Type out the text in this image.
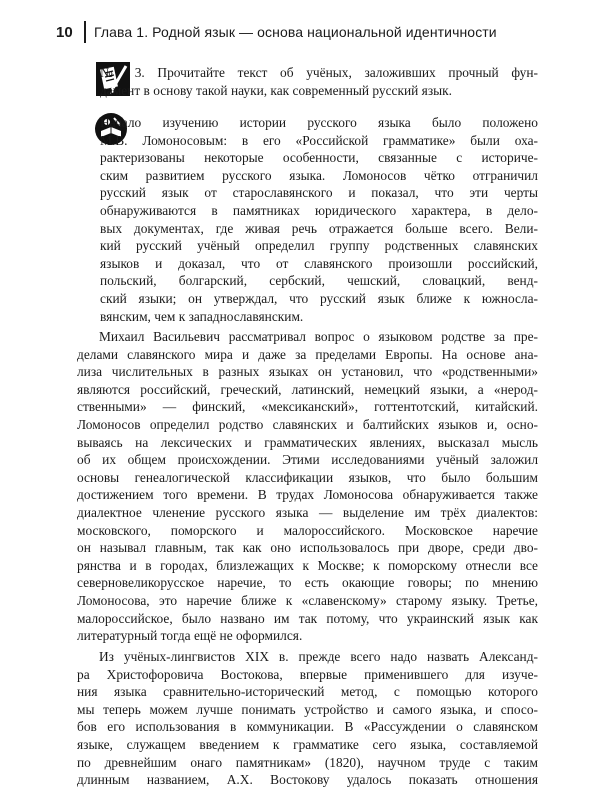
10	Глава 1. Родной язык — основа национальной идентичности
№ 3. Прочитайте текст об учёных, заложивших прочный фун-
дамент в основу такой науки, как современный русский язык.
Начало изучению истории русского языка было положено
М.В. Ломоносовым: в его «Российской грамматике» были оха-
рактеризованы некоторые особенности, связанные с историче-
ским развитием русского языка. Ломоносов чётко отграничил
русский язык от старославянского и показал, что эти черты
обнаруживаются в памятниках юридического характера, в дело-
вых документах, где живая речь отражается больше всего. Вели-
кий русский учёный определил группу родственных славянских
языков и доказал, что от славянского произошли российский,
польский, болгарский, сербский, чешский, словацкий, венд-
ский языки; он утверждал, что русский язык ближе к южносла-
вянским, чем к западнославянским.
Михаил Васильевич рассматривал вопрос о языковом родстве за пре-
делами славянского мира и даже за пределами Европы. На основе ана-
лиза числительных в разных языках он установил, что «родственными»
являются российский, греческий, латинский, немецкий языки, а «нерод-
ственными» — финский, «мексиканский», готтентотский, китайский.
Ломоносов определил родство славянских и балтийских языков и, осно-
вываясь на лексических и грамматических явлениях, высказал мысль
об их общем происхождении. Этими исследованиями учёный заложил
основы генеалогической классификации языков, что было большим
достижением того времени. В трудах Ломоносова обнаруживается также
диалектное членение русского языка — выделение им трёх диалектов:
московского, поморского и малороссийского. Московское наречие
он называл главным, так как оно использовалось при дворе, среди дво-
рянства и в городах, близлежащих к Москве; к поморскому отнесли все
северновеликорусское наречие, то есть окающие говоры; по мнению
Ломоносова, это наречие ближе к «славенскому» старому языку. Третье,
малороссийское, было названо им так потому, что украинский язык как
литературный тогда ещё не оформился.
Из учёных-лингвистов XIX в. прежде всего надо назвать Александ-
ра Христофоровича Востокова, впервые применившего для изуче-
ния языка сравнительно-исторический метод, с помощью которого
мы теперь можем лучше понимать устройство и самого языка, и спосо-
бов его использования в коммуникации. В «Рассуждении о славянском
языке, служащем введением к грамматике сего языка, составляемой
по древнейшим онаго памятникам» (1820), научном труде с таким
длинным названием, А.Х. Востокову удалось показать отношения
